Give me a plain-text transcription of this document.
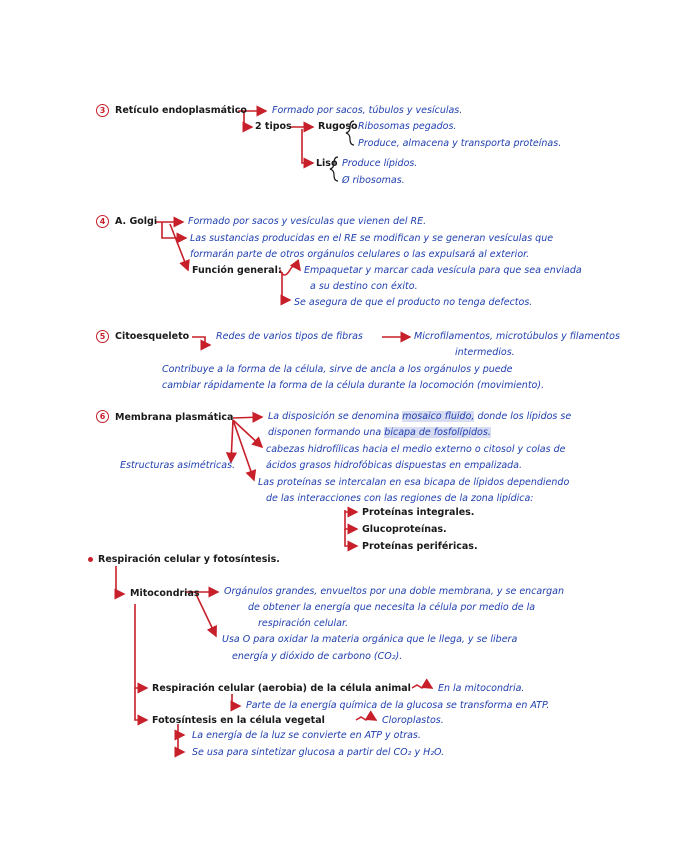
3	Retículo endoplasmático	Formado por sacos, túbulos y vesículas.
2 tipos	Rugoso Ribosomas pegados.
Produce, almacena y transporta proteínas.
Liso Produce lípidos.
Ø ribosomas.
4	A. Golgi	Formado por sacos y vesículas que vienen del RE.
Las sustancias producidas en el RE se modifican y se generan vesículas que
formarán parte de otros orgánulos celulares o las expulsará al exterior.
Función general: Empaquetar y marcar cada vesícula para que sea enviada
a su destino con éxito.
Se asegura de que el producto no tenga defectos.
5	Citoesqueleto	Redes de varios tipos de fibras	Microfilamentos, microtúbulos y filamentos
intermedios.
Contribuye a la forma de la célula, sirve de ancla a los orgánulos y puede
cambiar rápidamente la forma de la célula durante la locomoción (movimiento).
6	Membrana plasmática	La disposición se denomina mosaico fluido, donde los lípidos se
disponen formando una bicapa de fosfolípidos.
cabezas hidrofílicas hacia el medio externo o citosol y colas de
ácidos grasos hidrofóbicas dispuestas en empalizada.
Estructuras asimétricas.
Las proteínas se intercalan en esa bicapa de lípidos dependiendo
de las interacciones con las regiones de la zona lipídica:
Proteínas integrales.
Glucoproteínas.
Proteínas periféricas.
Respiración celular y fotosíntesis.
Mitocondrias	Orgánulos grandes, envueltos por una doble membrana, y se encargan
de obtener la energía que necesita la célula por medio de la
respiración celular.
Usa O para oxidar la materia orgánica que le llega, y se libera
energía y dióxido de carbono (CO₂).
Respiración celular (aerobia) de la célula animal	En la mitocondria.
Parte de la energía química de la glucosa se transforma en ATP.
Fotosíntesis en la célula vegetal	Cloroplastos.
La energía de la luz se convierte en ATP y otras.
Se usa para sintetizar glucosa a partir del CO₂ y H₂O.
